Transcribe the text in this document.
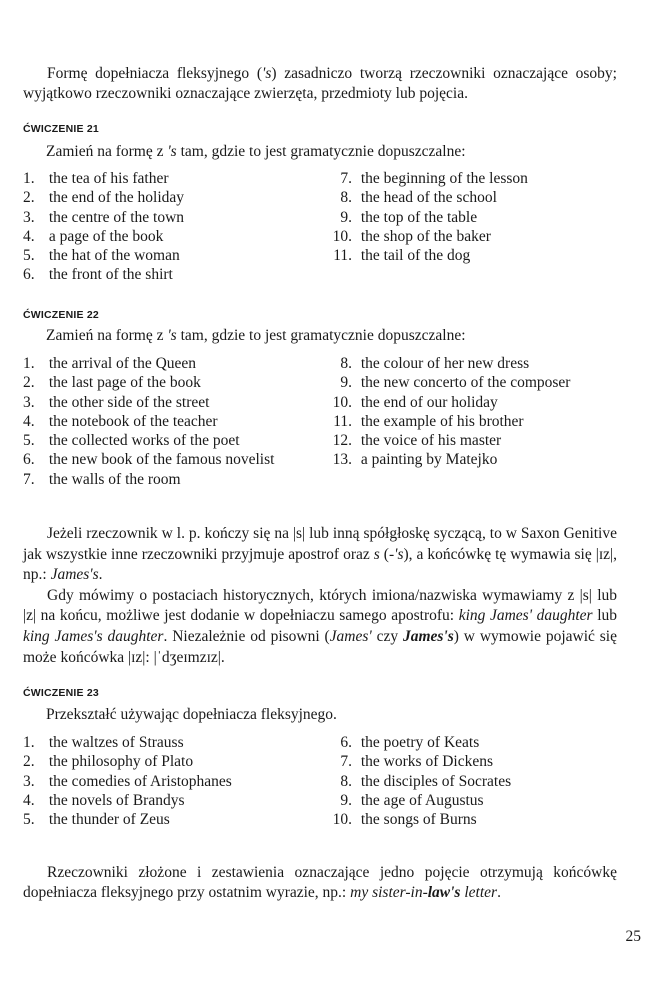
Formę dopełniacza fleksyjnego ('s) zasadniczo tworzą rzeczowniki oznaczające osoby; wyjątkowo rzeczowniki oznaczające zwierzęta, przedmioty lub pojęcia.

ĆWICZENIE 21
Zamień na formę z 's tam, gdzie to jest gramatycznie dopuszczalne:
1. the tea of his father
2. the end of the holiday
3. the centre of the town
4. a page of the book
5. the hat of the woman
6. the front of the shirt
7. the beginning of the lesson
8. the head of the school
9. the top of the table
10. the shop of the baker
11. the tail of the dog
ĆWICZENIE 22
Zamień na formę z 's tam, gdzie to jest gramatycznie dopuszczalne:
1. the arrival of the Queen
2. the last page of the book
3. the other side of the street
4. the notebook of the teacher
5. the collected works of the poet
6. the new book of the famous novelist
7. the walls of the room
8. the colour of her new dress
9. the new concerto of the composer
10. the end of our holiday
11. the example of his brother
12. the voice of his master
13. a painting by Matejko

Jeżeli rzeczownik w l. p. kończy się na |s| lub inną spółgłoskę syczącą, to w Saxon Genitive jak wszystkie inne rzeczowniki przyjmuje apostrof oraz s (-'s), a końcówkę tę wymawia się |ɪz|, np.: James's.

Gdy mówimy o postaciach historycznych, których imiona/nazwiska wymawiamy z |s| lub |z| na końcu, możliwe jest dodanie w dopełniaczu samego apostrofu: king James' daughter lub king James's daughter. Niezależnie od pisowni (James' czy James's) w wymowie pojawić się może końcówka |ɪz|: |ˈdʒeɪmzɪz|.

ĆWICZENIE 23
Przekształć używając dopełniacza fleksyjnego.
1. the waltzes of Strauss
2. the philosophy of Plato
3. the comedies of Aristophanes
4. the novels of Brandys
5. the thunder of Zeus
6. the poetry of Keats
7. the works of Dickens
8. the disciples of Socrates
9. the age of Augustus
10. the songs of Burns

Rzeczowniki złożone i zestawienia oznaczające jedno pojęcie otrzymują końcówkę dopełniacza fleksyjnego przy ostatnim wyrazie, np.: my sister-in-law's letter.

25
